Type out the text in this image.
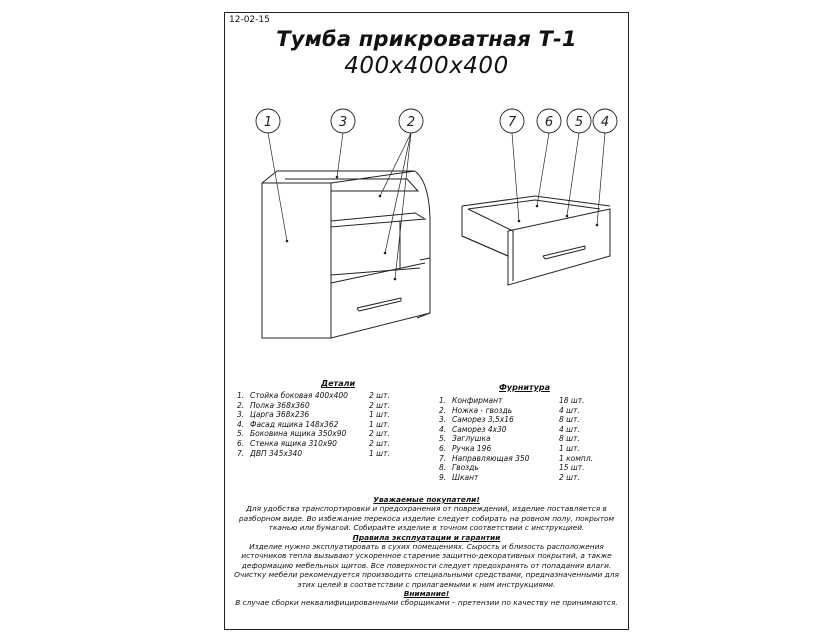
12-02-15
Тумба прикроватная Т-1
400х400х400
1	3	2	7 6 5 4
Детали
1. Стойка боковая 400х400	2 шт.
2. Полка 368х360	2 шт.
3. Царга 368х236	1 шт.
4. Фасад ящика 148х362	1 шт.
5. Боковина ящика 350х90	2 шт.
6. Стенка ящика 310х90	2 шт.
7. ДВП 345х340	1 шт.
Фурнитура
1. Конфирмант	18 шт.
2. Ножка - гвоздь	4 шт.
3. Саморез 3,5х16	8 шт.
4. Саморез 4х30	4 шт.
5. Заглушка	8 шт.
6. Ручка 196	1 шт.
7. Направляющая 350	1 компл.
8. Гвоздь	15 шт.
9. Шкант	2 шт.
Уважаемые покупатели!
Для удобства транспортировки и предохранения от повреждений, изделие поставляется в разборном виде. Во избежание перекоса изделие следует собирать на ровном полу, покрытом тканью или бумагой. Собирайте изделие в точном соответствии с инструкцией.
Правила эксплуатации и гарантии
Изделие нужно эксплуатировать в сухих помещениях. Сырость и близость расположения источников тепла вызывают ускоренное старение защитно-декоративных покрытий, а также деформацию мебельных щитов. Все поверхности следует предохранять от попадания влаги. Очистку мебели рекомендуется производить специальными средствами, предназначенными для этих целей в соответствии с прилагаемыми к ним инструкциями.
Внимание!
В случае сборки неквалифицированными сборщиками – претензии по качеству не принимаются.
